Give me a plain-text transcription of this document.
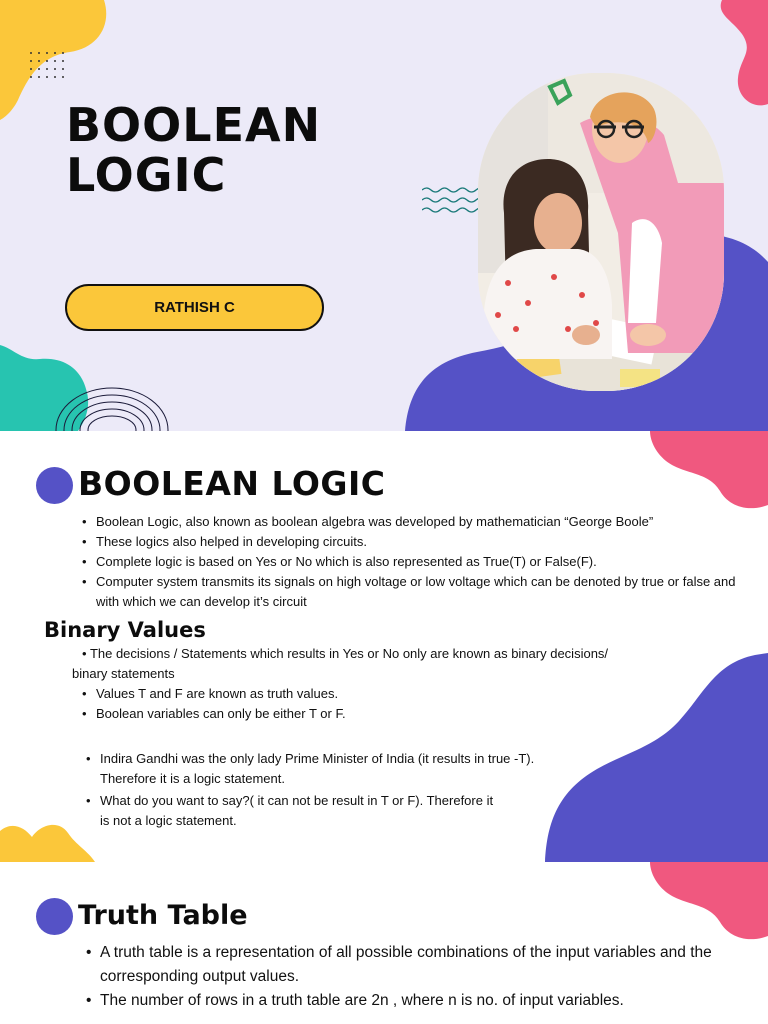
BOOLEAN
LOGIC
RATHISH C
BOOLEAN LOGIC
• Boolean Logic, also known as boolean algebra was developed by mathematician “George Boole”
• These logics also helped in developing circuits.
• Complete logic is based on Yes or No which is also represented as True(T) or False(F).
• Computer system transmits its signals on high voltage or low voltage which can be denoted by true or false and with which we can develop it’s circuit
Binary Values
• The decisions / Statements which results in Yes or No only are known as binary decisions/
binary statements
• Values T and F are known as truth values.
• Boolean variables can only be either T or F.
• Indira Gandhi was the only lady Prime Minister of India (it results in true -T). Therefore it is a logic statement.
• What do you want to say?( it can not be result in T or F). Therefore it is not a logic statement.
Truth Table
• A truth table is a representation of all possible combinations of the input variables and the corresponding output values.
• The number of rows in a truth table are 2n , where n is no. of input variables.
